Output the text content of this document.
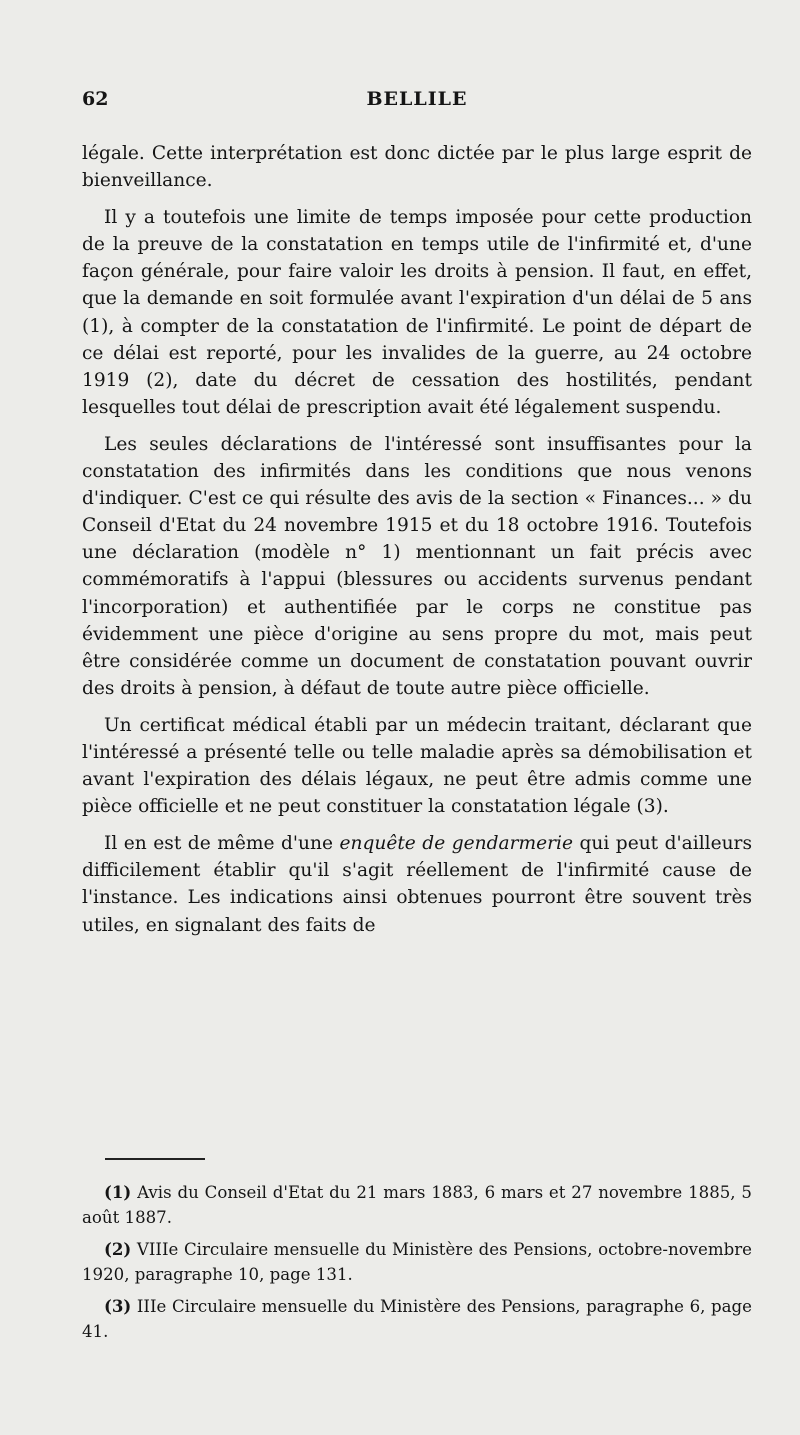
62	BELLILE

légale. Cette interprétation est donc dictée par le plus large esprit de bienveillance.

Il y a toutefois une limite de temps imposée pour cette production de la preuve de la constatation en temps utile de l'infirmité et, d'une façon générale, pour faire valoir les droits à pension. Il faut, en effet, que la demande en soit formulée avant l'expiration d'un délai de 5 ans (1), à compter de la constatation de l'infirmité. Le point de départ de ce délai est reporté, pour les invalides de la guerre, au 24 octobre 1919 (2), date du décret de cessation des hostilités, pendant lesquelles tout délai de prescription avait été légalement suspendu.

Les seules déclarations de l'intéressé sont insuffisantes pour la constatation des infirmités dans les conditions que nous venons d'indiquer. C'est ce qui résulte des avis de la section « Finances... » du Conseil d'Etat du 24 novembre 1915 et du 18 octobre 1916. Toutefois une déclaration (modèle n° 1) mentionnant un fait précis avec commémoratifs à l'appui (blessures ou accidents survenus pendant l'incorporation) et authentifiée par le corps ne constitue pas évidemment une pièce d'origine au sens propre du mot, mais peut être considérée comme un document de constatation pouvant ouvrir des droits à pension, à défaut de toute autre pièce officielle.

Un certificat médical établi par un médecin traitant, déclarant que l'intéressé a présenté telle ou telle maladie après sa démobilisation et avant l'expiration des délais légaux, ne peut être admis comme une pièce officielle et ne peut constituer la constatation légale (3).

Il en est de même d'une enquête de gendarmerie qui peut d'ailleurs difficilement établir qu'il s'agit réellement de l'infirmité cause de l'instance. Les indications ainsi obtenues pourront être souvent très utiles, en signalant des faits de

(1) Avis du Conseil d'Etat du 21 mars 1883, 6 mars et 27 novembre 1885, 5 août 1887.

(2) VIIIe Circulaire mensuelle du Ministère des Pensions, octobre-novembre 1920, paragraphe 10, page 131.

(3) IIIe Circulaire mensuelle du Ministère des Pensions, paragraphe 6, page 41.
